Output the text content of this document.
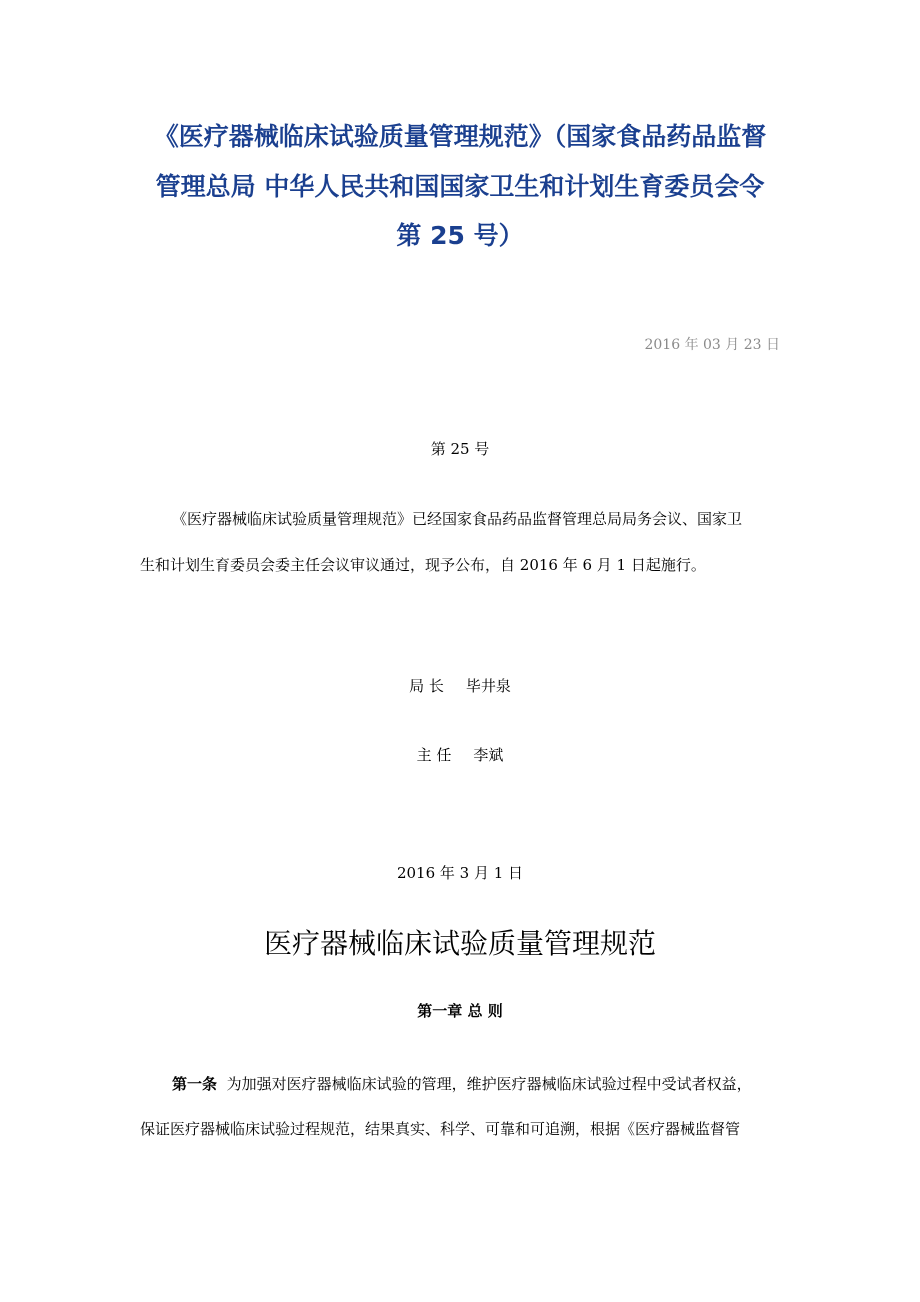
《医疗器械临床试验质量管理规范》（国家食品药品监督
管理总局 中华人民共和国国家卫生和计划生育委员会令
第 25 号）
2016 年 03 月 23 日
第 25 号
《医疗器械临床试验质量管理规范》已经国家食品药品监督管理总局局务会议、国家卫
生和计划生育委员会委主任会议审议通过，现予公布，自 2016 年 6 月 1 日起施行。
局 长 毕井泉
主 任 李斌
2016 年 3 月 1 日
医疗器械临床试验质量管理规范
第一章 总 则
第一条 为加强对医疗器械临床试验的管理，维护医疗器械临床试验过程中受试者权益，
保证医疗器械临床试验过程规范，结果真实、科学、可靠和可追溯，根据《医疗器械监督管
